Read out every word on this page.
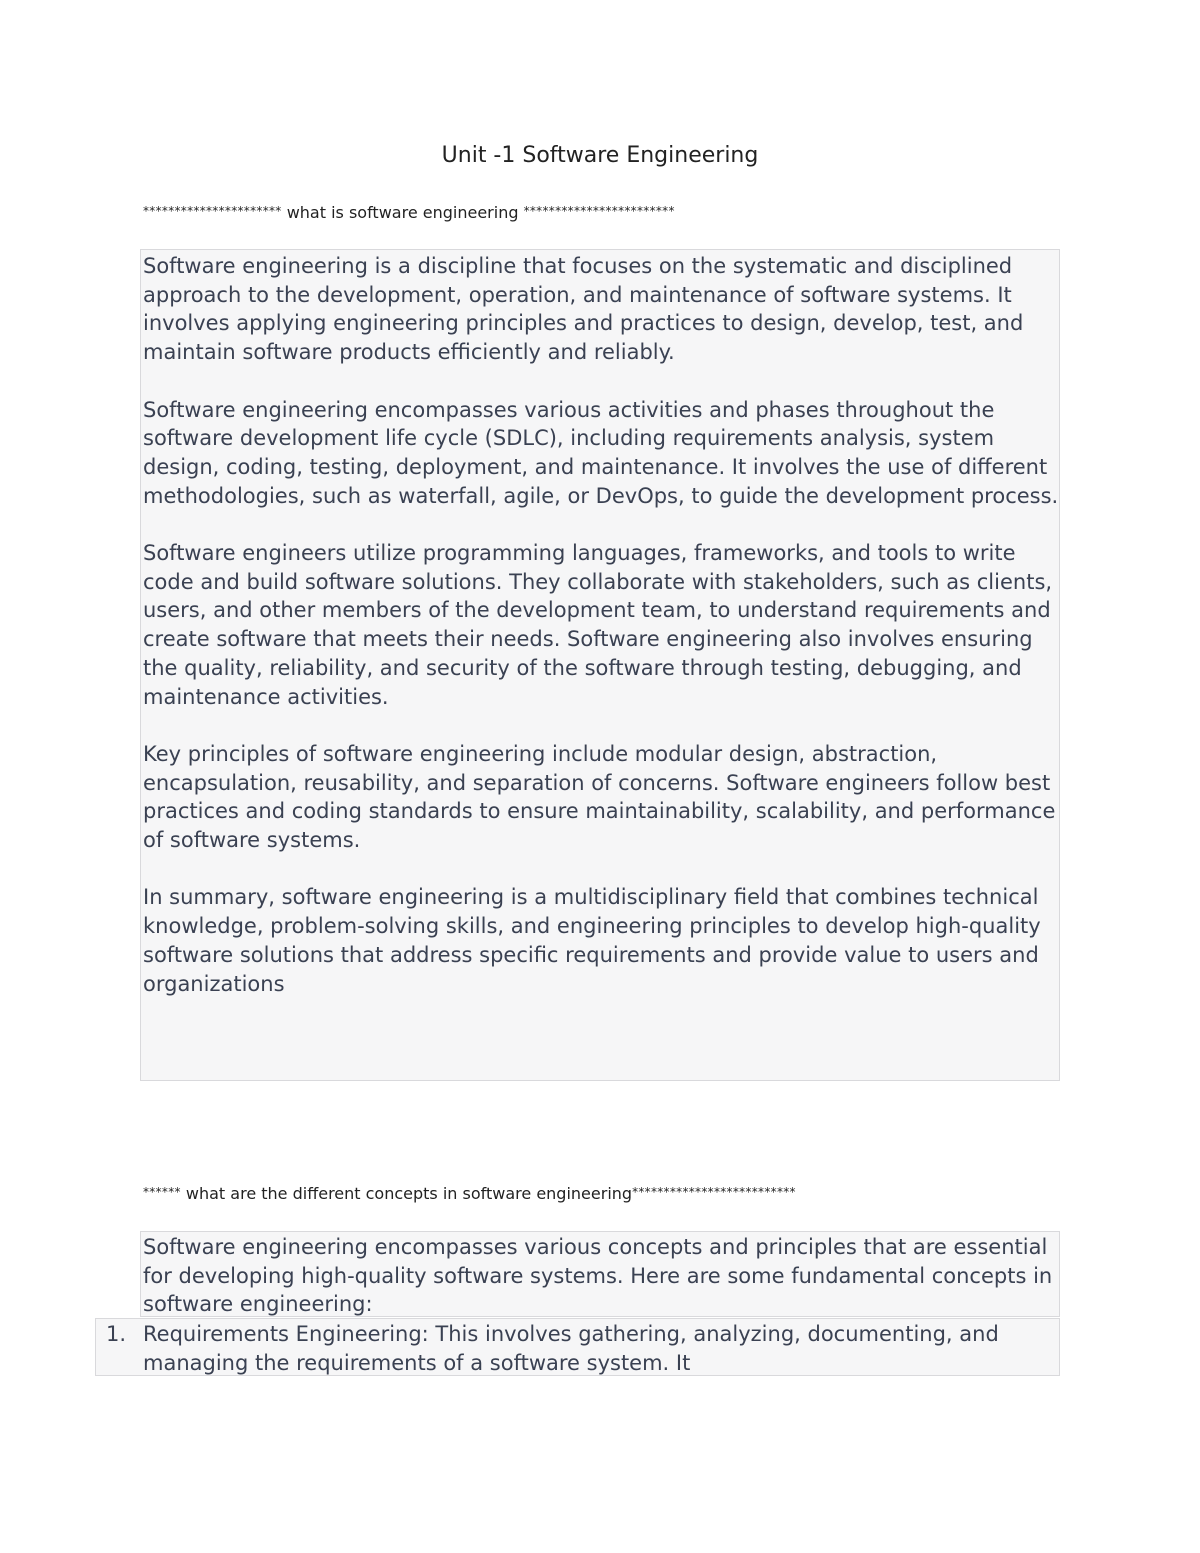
Unit -1 Software Engineering
********************** what is software engineering ************************

Software engineering is a discipline that focuses on the systematic and disciplined approach to the development, operation, and maintenance of software systems. It involves applying engineering principles and practices to design, develop, test, and maintain software products efficiently and reliably.

Software engineering encompasses various activities and phases throughout the software development life cycle (SDLC), including requirements analysis, system design, coding, testing, deployment, and maintenance. It involves the use of different methodologies, such as waterfall, agile, or DevOps, to guide the development process.

Software engineers utilize programming languages, frameworks, and tools to write code and build software solutions. They collaborate with stakeholders, such as clients, users, and other members of the development team, to understand requirements and create software that meets their needs. Software engineering also involves ensuring the quality, reliability, and security of the software through testing, debugging, and maintenance activities.

Key principles of software engineering include modular design, abstraction, encapsulation, reusability, and separation of concerns. Software engineers follow best practices and coding standards to ensure maintainability, scalability, and performance of software systems.

In summary, software engineering is a multidisciplinary field that combines technical knowledge, problem-solving skills, and engineering principles to develop high-quality software solutions that address specific requirements and provide value to users and organizations

****** what are the different concepts in software engineering**************************

Software engineering encompasses various concepts and principles that are essential for developing high-quality software systems. Here are some fundamental concepts in software engineering:

1. Requirements Engineering: This involves gathering, analyzing, documenting, and managing the requirements of a software system. It
